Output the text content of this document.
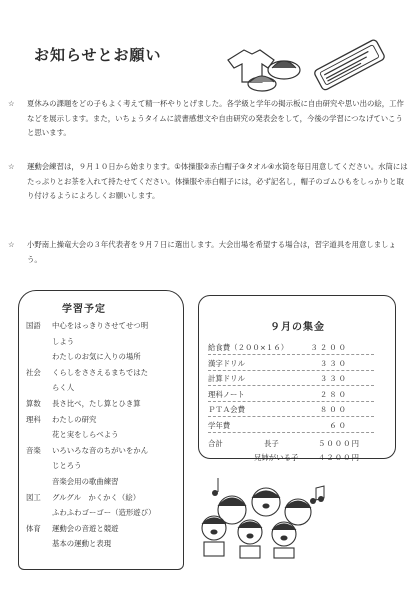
お知らせとお願い
☆ 夏休みの課題をどの子もよく考えて精一杯やりとげました。各学級と学年の掲示板に自由研究や思い出の絵，工作などを展示します。また，いちょうタイムに読書感想文や自由研究の発表会をして，今後の学習につなげていこうと思います。
☆ 運動会練習は，９月１０日から始まります。①体操服②赤白帽子③タオル④水筒を毎日用意してください。水筒にはたっぷりとお茶を入れて持たせてください。体操服や赤白帽子には，必ず記名し，帽子のゴムひもをしっかりと取り付けるようによろしくお願いします。
☆ 小野南上操竜大会の３年代表者を９月７日に選出します。大会出場を希望する場合は，習字道具を用意しましょう。
学習予定
国語 中心をはっきりさせてせつ明
しよう
わたしのお気に入りの場所
社会 くらしをささえるまちではた
らく人
算数 長さ比べ，たし算とひき算
理科 わたしの研究
花と実をしらべよう
音楽 いろいろな音のちがいをかん
じとろう
音楽会用の歌曲練習
図工 グルグル　かくかく（絵）
ふわふわゴーゴー（造形遊び）
体育 運動会の音遊と競遊
基本の運動と表現
９月の集金
給食費（２００×１６）	３２００
漢字ドリル	３３０
計算ドリル	３３０
理科ノート	２８０
ＰＴＡ会費	８００
学年費	６０
合計	長子	５０００円
兄姉がいる子	４２００円
